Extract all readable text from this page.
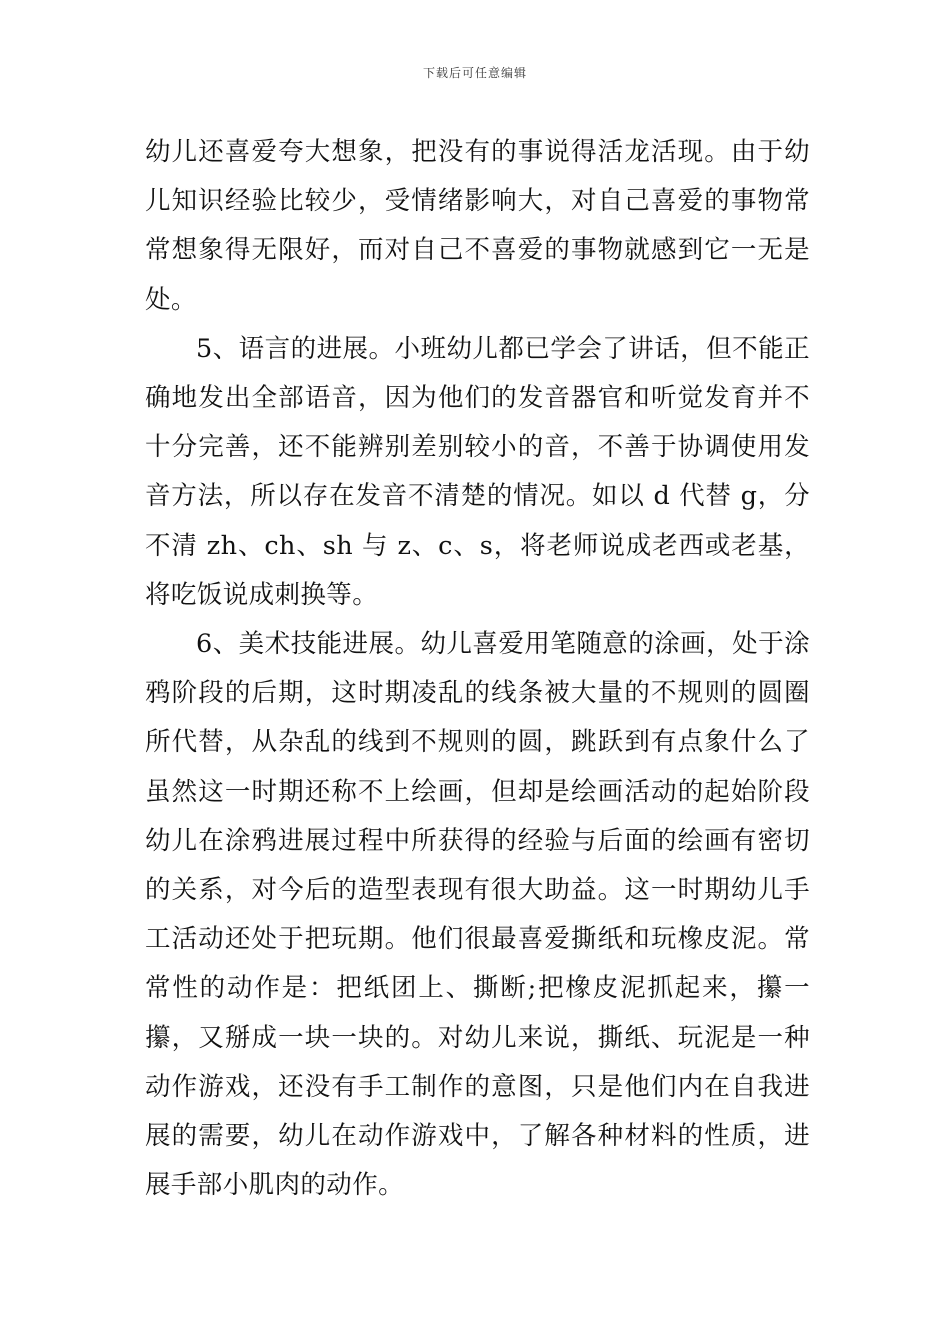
下载后可任意编辑

幼儿还喜爱夸大想象，把没有的事说得活龙活现。由于幼儿知识经验比较少，受情绪影响大，对自己喜爱的事物常常想象得无限好，而对自己不喜爱的事物就感到它一无是处。

5、语言的进展。小班幼儿都已学会了讲话，但不能正确地发出全部语音，因为他们的发音器官和听觉发育并不十分完善，还不能辨别差别较小的音，不善于协调使用发音方法，所以存在发音不清楚的情况。如以 d 代替 g，分不清 zh、ch、sh 与 z、c、s，将老师说成老西或老基，将吃饭说成刺换等。

6、美术技能进展。幼儿喜爱用笔随意的涂画，处于涂鸦阶段的后期，这时期凌乱的线条被大量的不规则的圆圈所代替，从杂乱的线到不规则的圆，跳跃到有点象什么了虽然这一时期还称不上绘画，但却是绘画活动的起始阶段幼儿在涂鸦进展过程中所获得的经验与后面的绘画有密切的关系，对今后的造型表现有很大助益。这一时期幼儿手工活动还处于把玩期。他们很最喜爱撕纸和玩橡皮泥。常常性的动作是：把纸团上、撕断;把橡皮泥抓起来，攥一攥，又掰成一块一块的。对幼儿来说，撕纸、玩泥是一种动作游戏，还没有手工制作的意图，只是他们内在自我进展的需要，幼儿在动作游戏中，了解各种材料的性质，进展手部小肌肉的动作。
